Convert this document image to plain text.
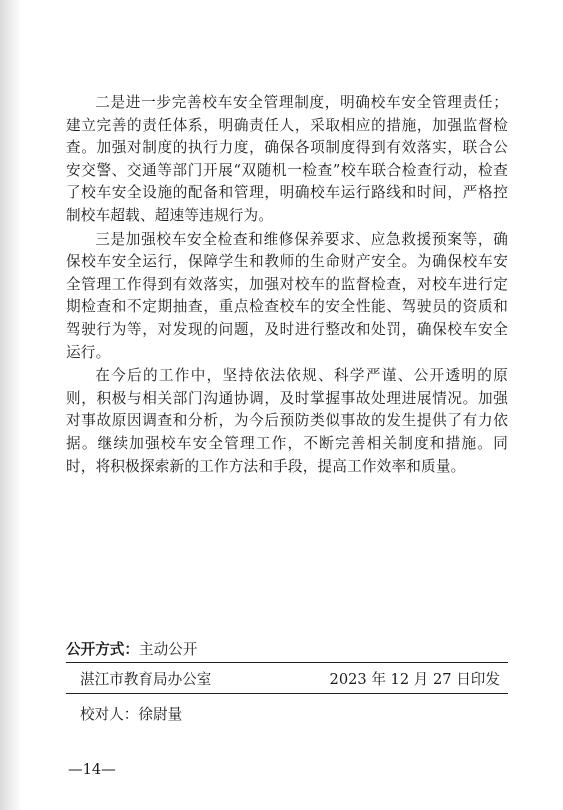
二是进一步完善校车安全管理制度，明确校车安全管理责任；建立完善的责任体系，明确责任人，采取相应的措施，加强监督检查。加强对制度的执行力度，确保各项制度得到有效落实，联合公安交警、交通等部门开展“双随机一检查”校车联合检查行动，检查了校车安全设施的配备和管理，明确校车运行路线和时间，严格控制校车超载、超速等违规行为。

三是加强校车安全检查和维修保养要求、应急救援预案等，确保校车安全运行，保障学生和教师的生命财产安全。为确保校车安全管理工作得到有效落实，加强对校车的监督检查，对校车进行定期检查和不定期抽查，重点检查校车的安全性能、驾驶员的资质和驾驶行为等，对发现的问题，及时进行整改和处罚，确保校车安全运行。

在今后的工作中，坚持依法依规、科学严谨、公开透明的原则，积极与相关部门沟通协调，及时掌握事故处理进展情况。加强对事故原因调查和分析，为今后预防类似事故的发生提供了有力依据。继续加强校车安全管理工作，不断完善相关制度和措施。同时，将积极探索新的工作方法和手段，提高工作效率和质量。

公开方式：主动公开
湛江市教育局办公室	2023 年 12 月 27 日印发
校对人：徐尉量
—14—
